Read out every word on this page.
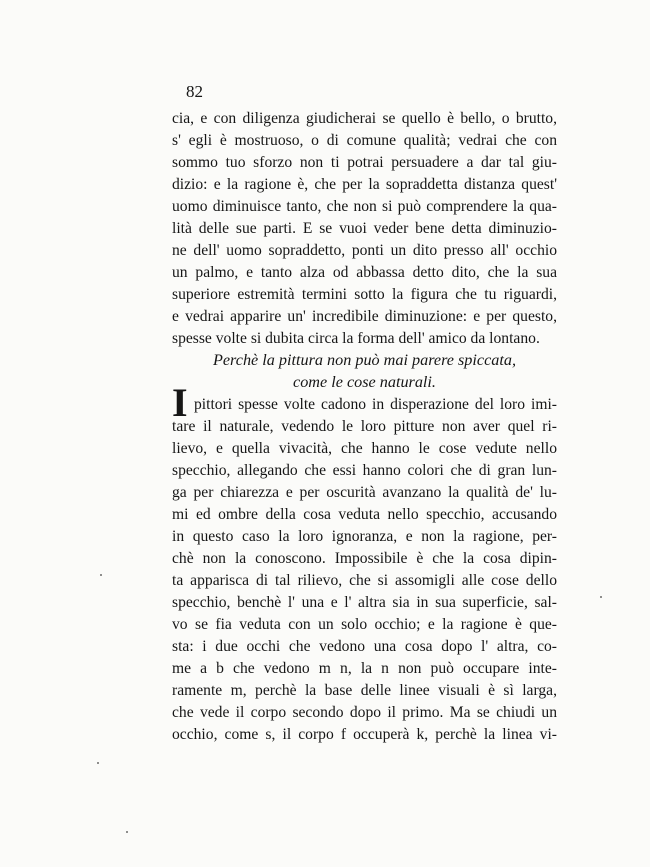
82
cia, e con diligenza giudicherai se quello è bello, o brutto,
s' egli è mostruoso, o di comune qualità; vedrai che con
sommo tuo sforzo non ti potrai persuadere a dar tal giu-
dizio: e la ragione è, che per la sopraddetta distanza quest'
uomo diminuisce tanto, che non si può comprendere la qua-
lità delle sue parti. E se vuoi veder bene detta diminuzio-
ne dell' uomo sopraddetto, ponti un dito presso all' occhio
un palmo, e tanto alza od abbassa detto dito, che la sua
superiore estremità termini sotto la figura che tu riguardi,
e vedrai apparire un' incredibile diminuzione: e per questo,
spesse volte si dubita circa la forma dell' amico da lontano.
Perchè la pittura non può mai parere spiccata,
come le cose naturali.
I pittori spesse volte cadono in disperazione del loro imi-
tare il naturale, vedendo le loro pitture non aver quel ri-
lievo, e quella vivacità, che hanno le cose vedute nello
specchio, allegando che essi hanno colori che di gran lun-
ga per chiarezza e per oscurità avanzano la qualità de' lu-
mi ed ombre della cosa veduta nello specchio, accusando
in questo caso la loro ignoranza, e non la ragione, per-
chè non la conoscono. Impossibile è che la cosa dipin-
ta apparisca di tal rilievo, che si assomigli alle cose dello
specchio, benchè l' una e l' altra sia in sua superficie, sal-
vo se fia veduta con un solo occhio; e la ragione è que-
sta: i due occhi che vedono una cosa dopo l' altra, co-
me a b che vedono m n, la n non può occupare inte-
ramente m, perchè la base delle linee visuali è sì larga,
che vede il corpo secondo dopo il primo. Ma se chiudi un
occhio, come s, il corpo f occuperà k, perchè la linea vi-
